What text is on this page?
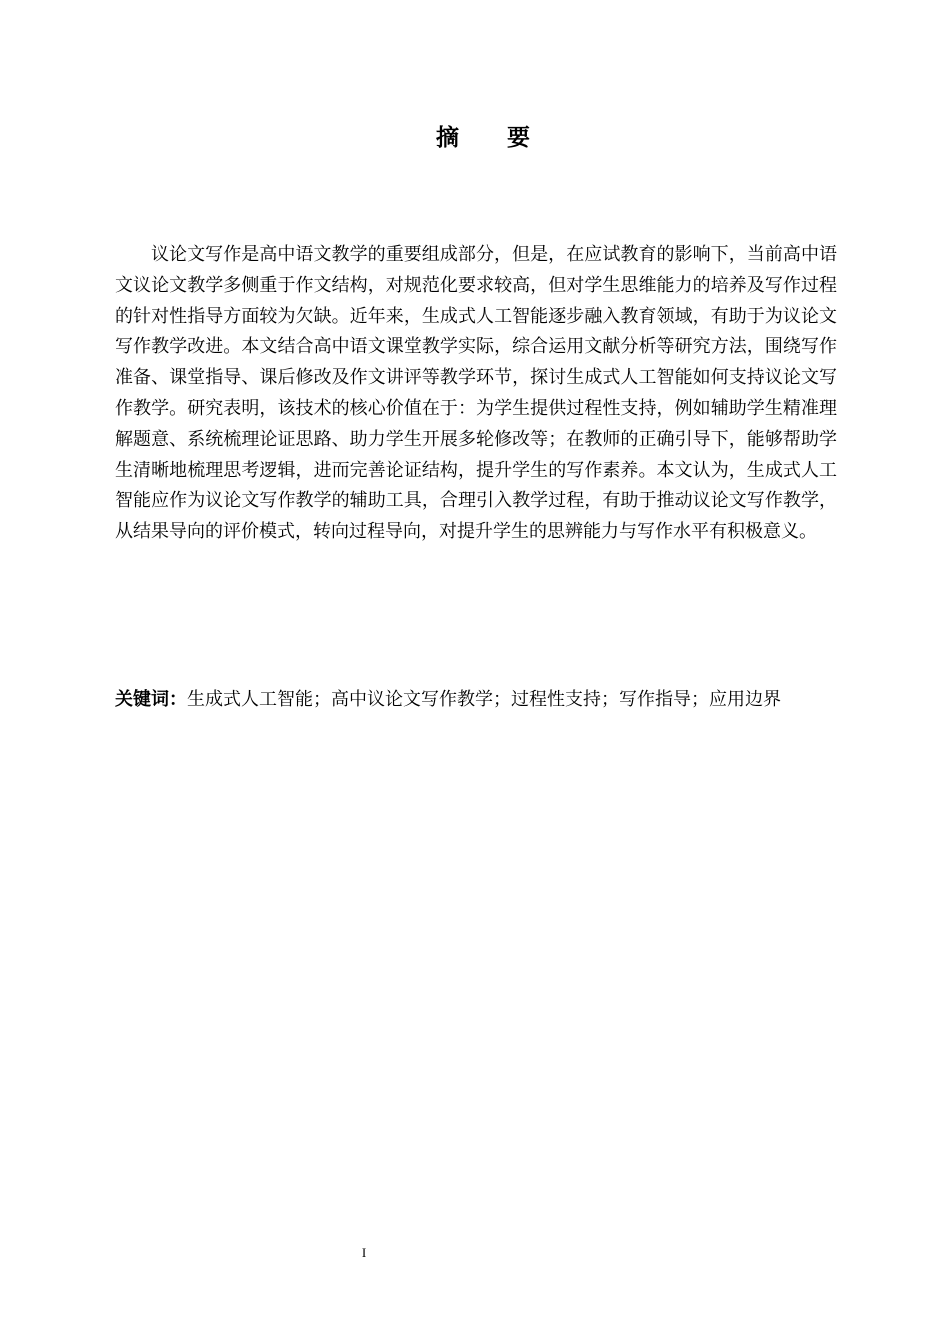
摘 要

议论文写作是高中语文教学的重要组成部分，但是，在应试教育的影响下，当前高中语文议论文教学多侧重于作文结构，对规范化要求较高，但对学生思维能力的培养及写作过程的针对性指导方面较为欠缺。近年来，生成式人工智能逐步融入教育领域，有助于为议论文写作教学改进。本文结合高中语文课堂教学实际，综合运用文献分析等研究方法，围绕写作准备、课堂指导、课后修改及作文讲评等教学环节，探讨生成式人工智能如何支持议论文写作教学。研究表明，该技术的核心价值在于：为学生提供过程性支持，例如辅助学生精准理解题意、系统梳理论证思路、助力学生开展多轮修改等；在教师的正确引导下，能够帮助学生清晰地梳理思考逻辑，进而完善论证结构，提升学生的写作素养。本文认为，生成式人工智能应作为议论文写作教学的辅助工具，合理引入教学过程，有助于推动议论文写作教学，从结果导向的评价模式，转向过程导向，对提升学生的思辨能力与写作水平有积极意义。

关键词：生成式人工智能；高中议论文写作教学；过程性支持；写作指导；应用边界

I
